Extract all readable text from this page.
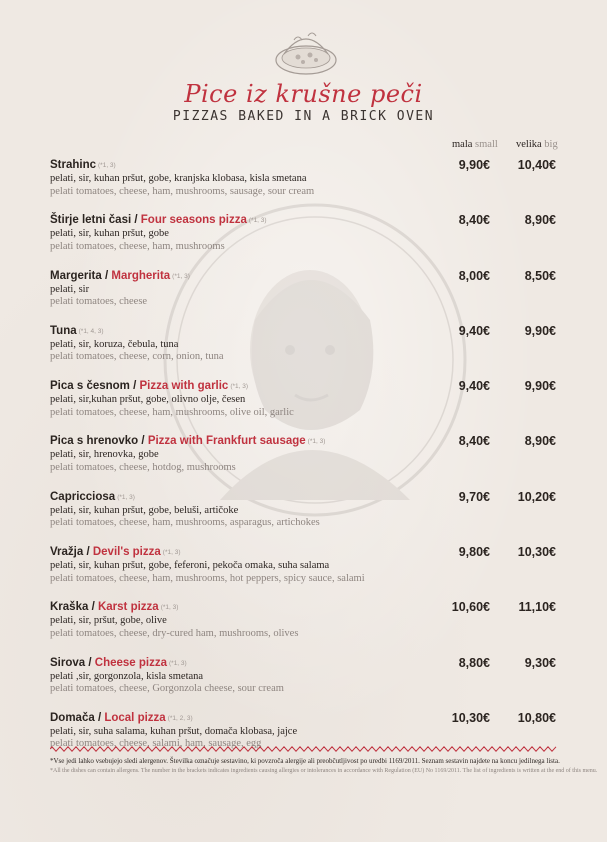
Pice iz krušne peči
PIZZAS BAKED IN A BRICK OVEN
mala small velika big
Strahinc (*1, 3)
pelati, sir, kuhan pršut, gobe, kranjska klobasa, kisla smetana
pelati tomatoes, cheese, ham, mushrooms, sausage, sour cream
9,90€	10,40€
Štirje letni časi / Four seasons pizza (*1, 3)
pelati, sir, kuhan pršut, gobe
pelati tomatoes, cheese, ham, mushrooms
8,40€	8,90€
Margerita / Margherita (*1, 3)
pelati, sir
pelati tomatoes, cheese
8,00€	8,50€
Tuna (*1, 4, 3)
pelati, sir, koruza, čebula, tuna
pelati tomatoes, cheese, corn, onion, tuna
9,40€	9,90€
Pica s česnom / Pizza with garlic (*1, 3)
pelati, sir,kuhan pršut, gobe, olivno olje, česen
pelati tomatoes, cheese, ham, mushrooms, olive oil, garlic
9,40€	9,90€
Pica s hrenovko / Pizza with Frankfurt sausage (*1, 3)
pelati, sir, hrenovka, gobe
pelati tomatoes, cheese, hotdog, mushrooms
8,40€	8,90€
Capricciosa (*1, 3)
pelati, sir, kuhan pršut, gobe, beluši, artičoke
pelati tomatoes, cheese, ham, mushrooms, asparagus, artichokes
9,70€	10,20€
Vražja / Devil's pizza (*1, 3)
pelati, sir, kuhan pršut, gobe, feferoni, pekoča omaka, suha salama
pelati tomatoes, cheese, ham, mushrooms, hot peppers, spicy sauce, salami
9,80€	10,30€
Kraška / Karst pizza (*1, 3)
pelati, sir, pršut, gobe, olive
pelati tomatoes, cheese, dry-cured ham, mushrooms, olives
10,60€	11,10€
Sirova / Cheese pizza (*1, 3)
pelati ,sir, gorgonzola, kisla smetana
pelati tomatoes, cheese, Gorgonzola cheese, sour cream
8,80€	9,30€
Domača / Local pizza (*1, 2, 3)
pelati, sir, suha salama, kuhan pršut, domača klobasa, jajce
pelati tomatoes, cheese, salami, ham, sausage, egg
10,30€	10,80€
*Vse jedi lahko vsebujejo sledi alergenov. Številka označuje sestavino, ki povzroča alergije ali preobčutljivost po uredbi 1169/2011. Seznam sestavin najdete na koncu jedilnega lista.
*All the dishes can contain allergens. The number in the brackets indicates ingredients causing allergies or intolerances in accordance with Regulation (EU) No 1169/2011. The list of ingredients is written at the end of this menu.
